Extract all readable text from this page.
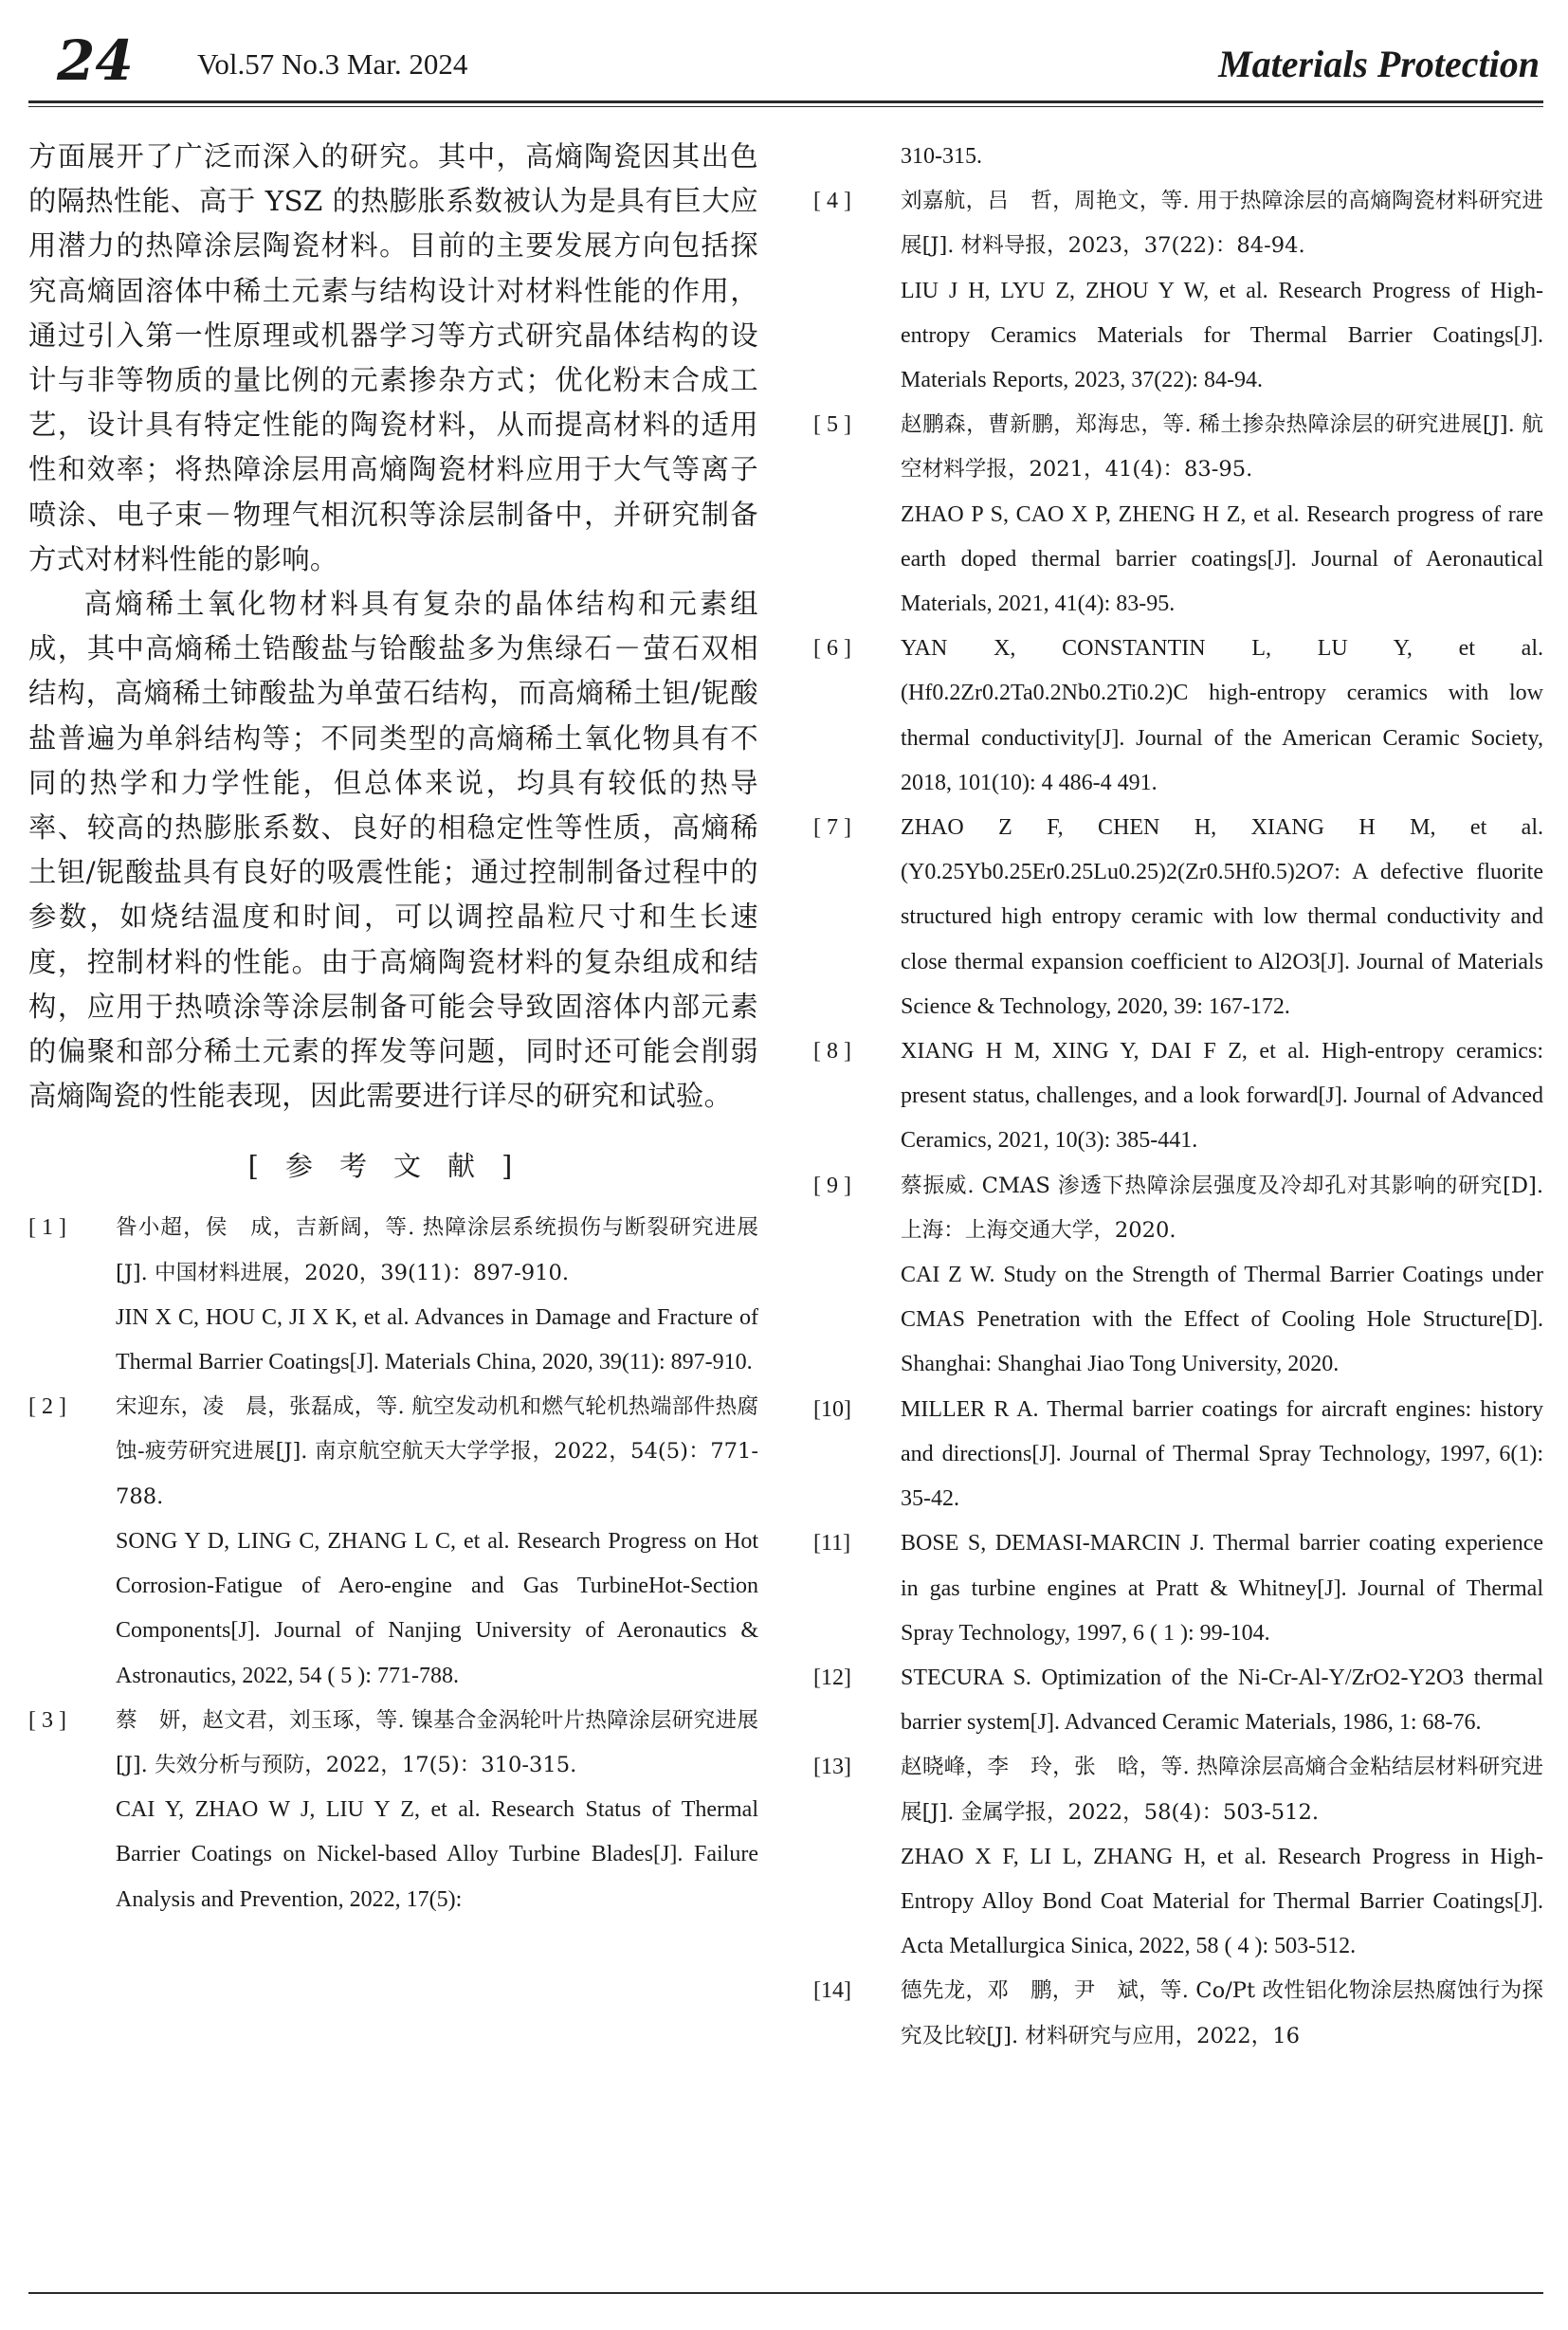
24 Vol.57 No.3 Mar. 2024	Materials Protection

方面展开了广泛而深入的研究。其中，高熵陶瓷因其出色的隔热性能、高于 YSZ 的热膨胀系数被认为是具有巨大应用潜力的热障涂层陶瓷材料。目前的主要发展方向包括探究高熵固溶体中稀土元素与结构设计对材料性能的作用，通过引入第一性原理或机器学习等方式研究晶体结构的设计与非等物质的量比例的元素掺杂方式；优化粉末合成工艺，设计具有特定性能的陶瓷材料，从而提高材料的适用性和效率；将热障涂层用高熵陶瓷材料应用于大气等离子喷涂、电子束－物理气相沉积等涂层制备中，并研究制备方式对材料性能的影响。

高熵稀土氧化物材料具有复杂的晶体结构和元素组成，其中高熵稀土锆酸盐与铪酸盐多为焦绿石－萤石双相结构，高熵稀土铈酸盐为单萤石结构，而高熵稀土钽/铌酸盐普遍为单斜结构等；不同类型的高熵稀土氧化物具有不同的热学和力学性能，但总体来说，均具有较低的热导率、较高的热膨胀系数、良好的相稳定性等性质，高熵稀土钽/铌酸盐具有良好的吸震性能；通过控制制备过程中的参数，如烧结温度和时间，可以调控晶粒尺寸和生长速度，控制材料的性能。由于高熵陶瓷材料的复杂组成和结构，应用于热喷涂等涂层制备可能会导致固溶体内部元素的偏聚和部分稀土元素的挥发等问题，同时还可能会削弱高熵陶瓷的性能表现，因此需要进行详尽的研究和试验。

[参考文献]
[ 1 ]	昝小超，侯　成，吉新阔，等. 热障涂层系统损伤与断裂研究进展[J]. 中国材料进展，2020，39(11)：897-910.
JIN X C, HOU C, JI X K, et al. Advances in Damage and Fracture of Thermal Barrier Coatings[J]. Materials China, 2020, 39(11): 897-910.
[ 2 ]	宋迎东，凌　晨，张磊成，等. 航空发动机和燃气轮机热端部件热腐蚀-疲劳研究进展[J]. 南京航空航天大学学报，2022，54(5)：771-788.
SONG Y D, LING C, ZHANG L C, et al. Research Progress on Hot Corrosion-Fatigue of Aero-engine and Gas TurbineHot-Section Components[J]. Journal of Nanjing University of Aeronautics & Astronautics, 2022, 54 ( 5 ): 771-788.
[ 3 ]	蔡　妍，赵文君，刘玉琢，等. 镍基合金涡轮叶片热障涂层研究进展[J]. 失效分析与预防，2022，17(5)：310-315.
CAI Y, ZHAO W J, LIU Y Z, et al. Research Status of Thermal Barrier Coatings on Nickel-based Alloy Turbine Blades[J]. Failure Analysis and Prevention, 2022, 17(5):
310-315.
[ 4 ]	刘嘉航，吕　哲，周艳文，等. 用于热障涂层的高熵陶瓷材料研究进展[J]. 材料导报，2023，37(22)：84-94.
LIU J H, LYU Z, ZHOU Y W, et al. Research Progress of High-entropy Ceramics Materials for Thermal Barrier Coatings[J]. Materials Reports, 2023, 37(22): 84-94.
[ 5 ]	赵鹏森，曹新鹏，郑海忠，等. 稀土掺杂热障涂层的研究进展[J]. 航空材料学报，2021，41(4)：83-95.
ZHAO P S, CAO X P, ZHENG H Z, et al. Research progress of rare earth doped thermal barrier coatings[J]. Journal of Aeronautical Materials, 2021, 41(4): 83-95.
[ 6 ]	YAN X, CONSTANTIN L, LU Y, et al. (Hf0.2Zr0.2Ta0.2Nb0.2Ti0.2)C high-entropy ceramics with low thermal conductivity[J]. Journal of the American Ceramic Society, 2018, 101(10): 4 486-4 491.
[ 7 ]	ZHAO Z F, CHEN H, XIANG H M, et al. (Y0.25Yb0.25Er0.25Lu0.25)2(Zr0.5Hf0.5)2O7: A defective fluorite structured high entropy ceramic with low thermal conductivity and close thermal expansion coefficient to Al2O3[J]. Journal of Materials Science & Technology, 2020, 39: 167-172.
[ 8 ]	XIANG H M, XING Y, DAI F Z, et al. High-entropy ceramics: present status, challenges, and a look forward[J]. Journal of Advanced Ceramics, 2021, 10(3): 385-441.
[ 9 ]	蔡振威. CMAS 渗透下热障涂层强度及冷却孔对其影响的研究[D]. 上海：上海交通大学，2020.
CAI Z W. Study on the Strength of Thermal Barrier Coatings under CMAS Penetration with the Effect of Cooling Hole Structure[D]. Shanghai: Shanghai Jiao Tong University, 2020.
[10]	MILLER R A. Thermal barrier coatings for aircraft engines: history and directions[J]. Journal of Thermal Spray Technology, 1997, 6(1): 35-42.
[11]	BOSE S, DEMASI-MARCIN J. Thermal barrier coating experience in gas turbine engines at Pratt & Whitney[J]. Journal of Thermal Spray Technology, 1997, 6 ( 1 ): 99-104.
[12]	STECURA S. Optimization of the Ni-Cr-Al-Y/ZrO2-Y2O3 thermal barrier system[J]. Advanced Ceramic Materials, 1986, 1: 68-76.
[13]	赵晓峰，李　玲，张　晗，等. 热障涂层高熵合金粘结层材料研究进展[J]. 金属学报，2022，58(4)：503-512.
ZHAO X F, LI L, ZHANG H, et al. Research Progress in High-Entropy Alloy Bond Coat Material for Thermal Barrier Coatings[J]. Acta Metallurgica Sinica, 2022, 58 ( 4 ): 503-512.
[14]	德先龙，邓　鹏，尹　斌，等. Co/Pt 改性铝化物涂层热腐蚀行为探究及比较[J]. 材料研究与应用，2022，16
